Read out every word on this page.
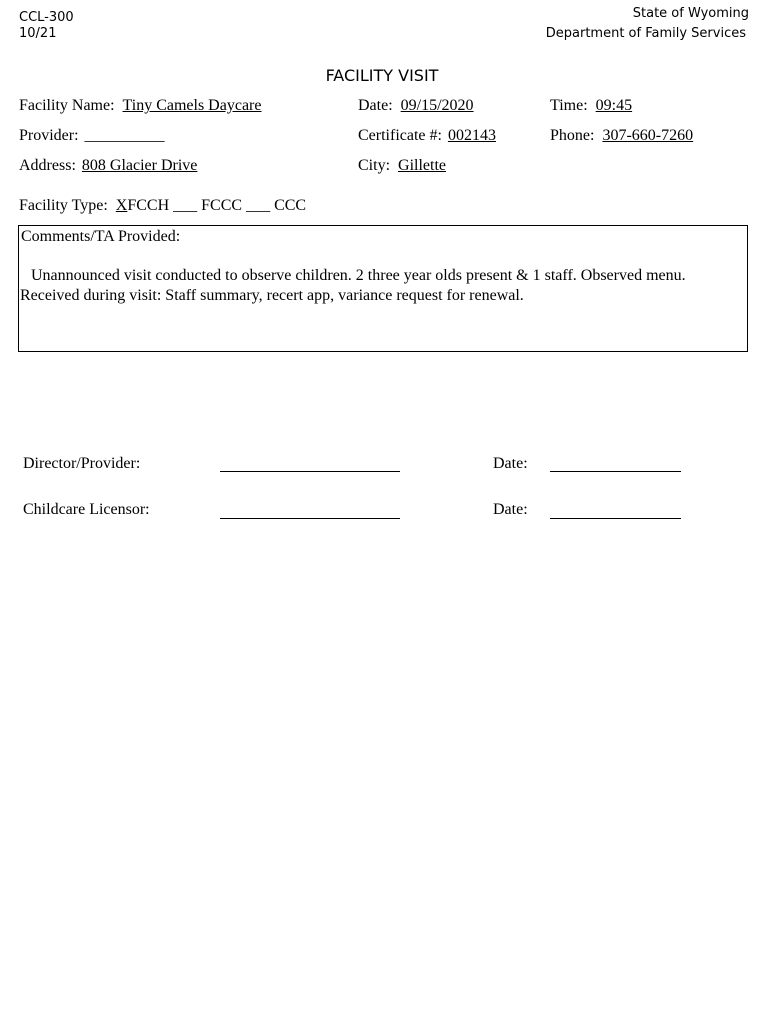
CCL-300
10/21
State of Wyoming
Department of Family Services
FACILITY VISIT
Facility Name: Tiny Camels Daycare	Date: 09/15/2020	Time: 09:45
Provider: __________	Certificate #: 002143	Phone: 307-660-7260
Address: 808 Glacier Drive	City: Gillette
Facility Type: XFCCH ___ FCCC ___ CCC
Comments/TA Provided:
Unannounced visit conducted to observe children. 2 three year olds present & 1 staff. Observed menu. Received during visit: Staff summary, recert app, variance request for renewal.
Director/Provider:	Date:
Childcare Licensor:	Date:
